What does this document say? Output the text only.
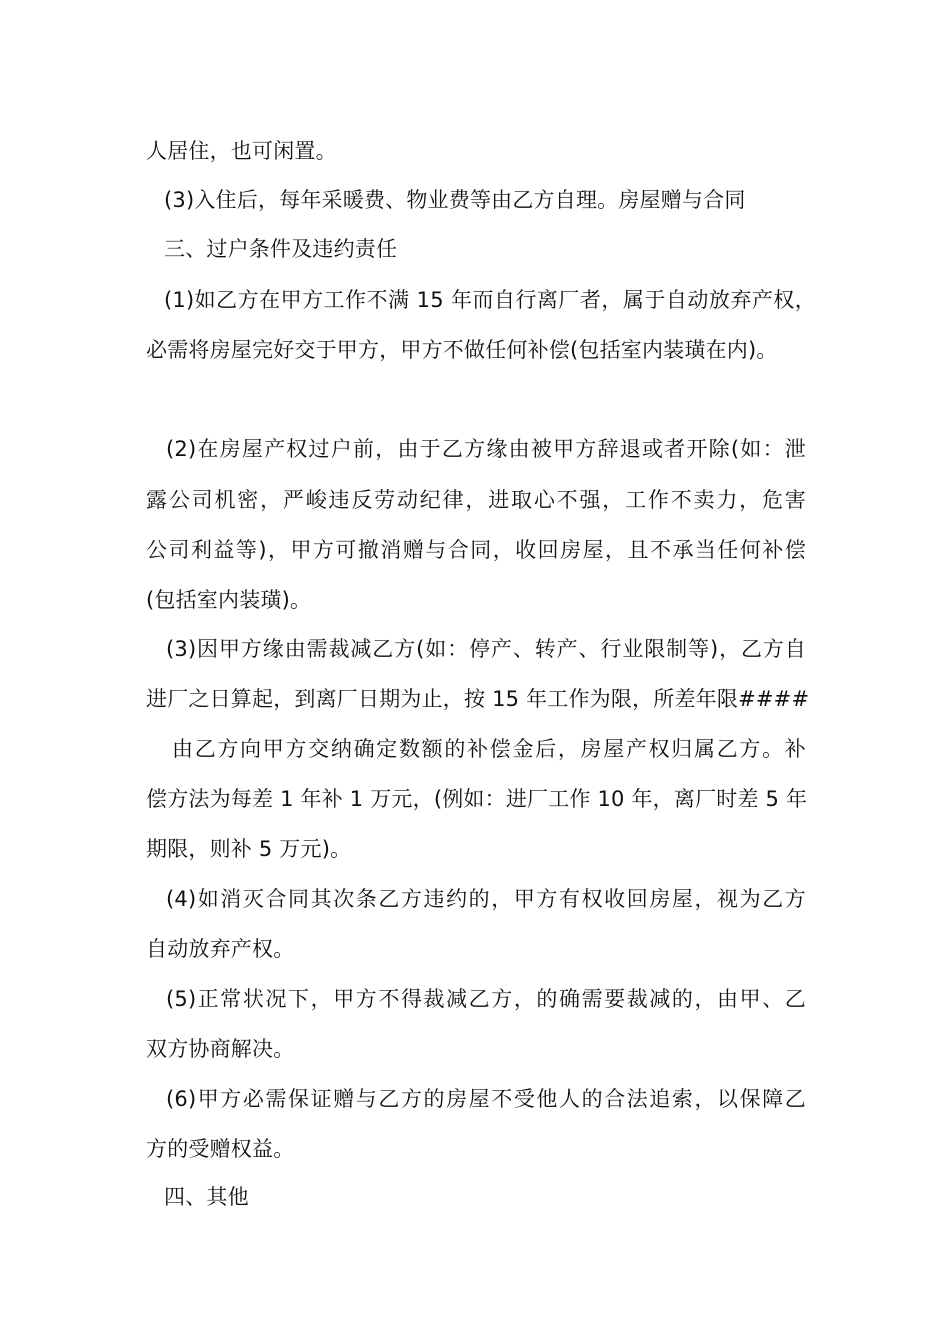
人居住，也可闲置。
(3)入住后，每年采暖费、物业费等由乙方自理。房屋赠与合同
三、过户条件及违约责任
(1)如乙方在甲方工作不满 15 年而自行离厂者，属于自动放弃产权，
必需将房屋完好交于甲方，甲方不做任何补偿(包括室内装璜在内)。
(2)在房屋产权过户前，由于乙方缘由被甲方辞退或者开除(如：泄
露公司机密，严峻违反劳动纪律，进取心不强，工作不卖力，危害
公司利益等)，甲方可撤消赠与合同，收回房屋，且不承当任何补偿
(包括室内装璜)。
(3)因甲方缘由需裁减乙方(如：停产、转产、行业限制等)，乙方自
进厂之日算起，到离厂日期为止，按 15 年工作为限，所差年限####
由乙方向甲方交纳确定数额的补偿金后，房屋产权归属乙方。补
偿方法为每差 1 年补 1 万元，(例如：进厂工作 10 年，离厂时差 5 年
期限，则补 5 万元)。
(4)如消灭合同其次条乙方违约的，甲方有权收回房屋，视为乙方
自动放弃产权。
(5)正常状况下，甲方不得裁减乙方，的确需要裁减的，由甲、乙
双方协商解决。
(6)甲方必需保证赠与乙方的房屋不受他人的合法追索，以保障乙
方的受赠权益。
四、其他
